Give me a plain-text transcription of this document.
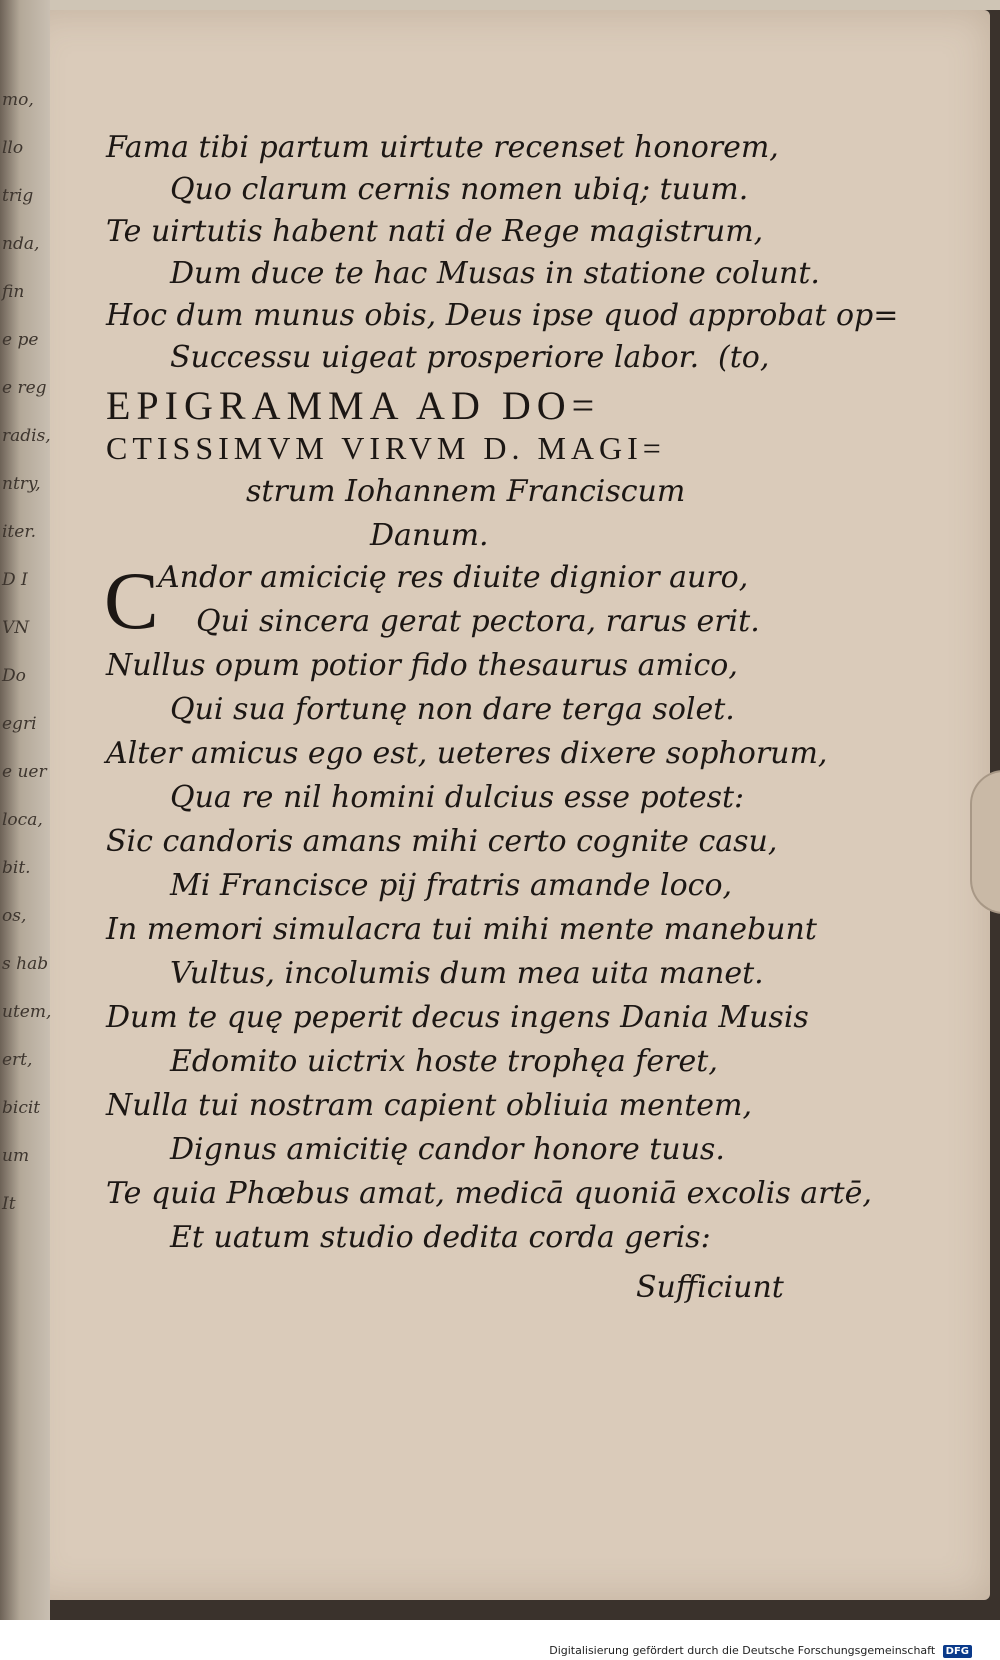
mo,
llo
trig
nda,
fin
e pe
e reg
radis,
ntry,
iter.
D I
VN
Do
egri
e uer
loca,
bit.
os,
s hab
utem,
ert,
bicit
um
It
Fama tibi partum uirtute recenset honorem,
Quo clarum cernis nomen ubiq; tuum.
Te uirtutis habent nati de Rege magistrum,
Dum duce te hac Musas in statione colunt.
Hoc dum munus obis, Deus ipse quod approbat op=
Successu uigeat prosperiore labor. (to,
EPIGRAMMA AD DO=
CTISSIMVM VIRVM D. MAGI=
strum Iohannem Franciscum
Danum.
C Andor amicicię res diuite dignior auro,
Qui sincera gerat pectora, rarus erit.
Nullus opum potior fido thesaurus amico,
Qui sua fortunę non dare terga solet.
Alter amicus ego est, ueteres dixere sophorum,
Qua re nil homini dulcius esse potest:
Sic candoris amans mihi certo cognite casu,
Mi Francisce pij fratris amande loco,
In memori simulacra tui mihi mente manebunt
Vultus, incolumis dum mea uita manet.
Dum te quę peperit decus ingens Dania Musis
Edomito uictrix hoste trophęa feret,
Nulla tui nostram capient obliuia mentem,
Dignus amicitię candor honore tuus.
Te quia Phœbus amat, medicā quoniā excolis artē,
Et uatum studio dedita corda geris:
Sufficiunt
Digitalisierung gefördert durch die Deutsche Forschungsgemeinschaft DFG
